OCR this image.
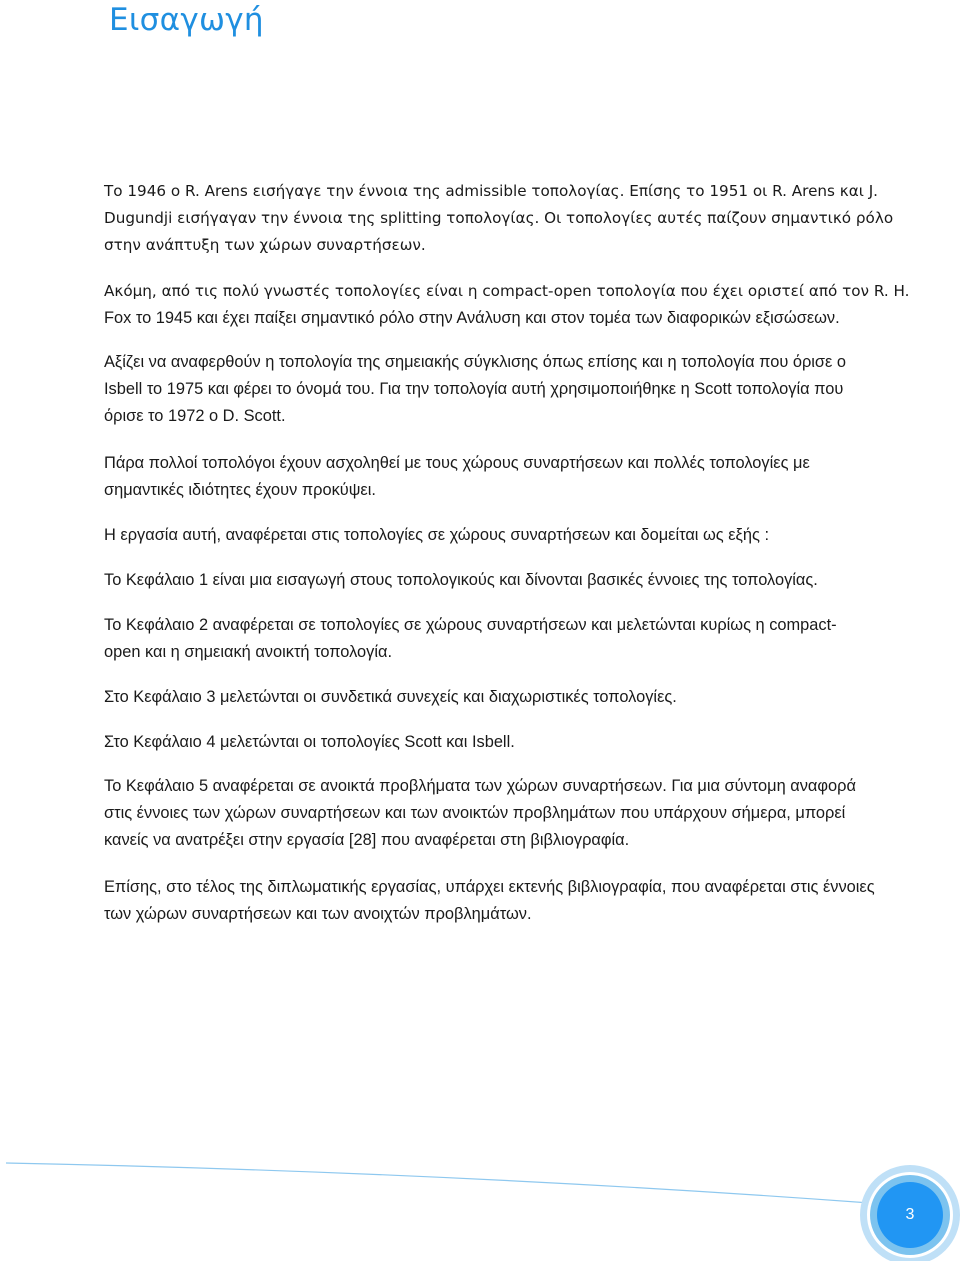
Εισαγωγή

Το 1946 ο R. Arens εισήγαγε την έννοια της admissible τοπολογίας. Επίσης το 1951 οι R. Arens και J.
Dugundji εισήγαγαν την έννοια της splitting τοπολογίας. Οι τοπολογίες αυτές παίζουν σημαντικό ρόλο
στην ανάπτυξη των χώρων συναρτήσεων.

Ακόμη, από τις πολύ γνωστές τοπολογίες είναι η compact-open τοπολογία που έχει οριστεί από τον R. H.
Fox το 1945 και έχει παίξει σημαντικό ρόλο στην Ανάλυση και στον τομέα των διαφορικών εξισώσεων.

Αξίζει να αναφερθούν η τοπολογία της σημειακής σύγκλισης όπως επίσης και η τοπολογία που όρισε ο
Isbell το 1975 και φέρει το όνομά του. Για την τοπολογία αυτή χρησιμοποιήθηκε η Scott τοπολογία που
όρισε το 1972 ο D. Scott.

Πάρα πολλοί τοπολόγοι έχουν ασχοληθεί με τους χώρους συναρτήσεων και πολλές τοπολογίες με
σημαντικές ιδιότητες έχουν προκύψει.

Η εργασία αυτή, αναφέρεται στις τοπολογίες σε χώρους συναρτήσεων και δομείται ως εξής :

Το Κεφάλαιο 1 είναι μια εισαγωγή στους τοπολογικούς και δίνονται βασικές έννοιες της τοπολογίας.

Το Κεφάλαιο 2 αναφέρεται σε τοπολογίες σε χώρους συναρτήσεων και μελετώνται κυρίως η compact-
open και η σημειακή ανοικτή τοπολογία.

Στο Κεφάλαιο 3 μελετώνται οι συνδετικά συνεχείς και διαχωριστικές τοπολογίες.

Στο Κεφάλαιο 4 μελετώνται οι τοπολογίες Scott και Isbell.

Το Κεφάλαιο 5 αναφέρεται σε ανοικτά προβλήματα των χώρων συναρτήσεων. Για μια σύντομη αναφορά
στις έννοιες των χώρων συναρτήσεων και των ανοικτών προβλημάτων που υπάρχουν σήμερα, μπορεί
κανείς να ανατρέξει στην εργασία [28] που αναφέρεται στη βιβλιογραφία.

Επίσης, στο τέλος της διπλωματικής εργασίας, υπάρχει εκτενής βιβλιογραφία, που αναφέρεται στις έννοιες
των χώρων συναρτήσεων και των ανοιχτών προβλημάτων.

3
